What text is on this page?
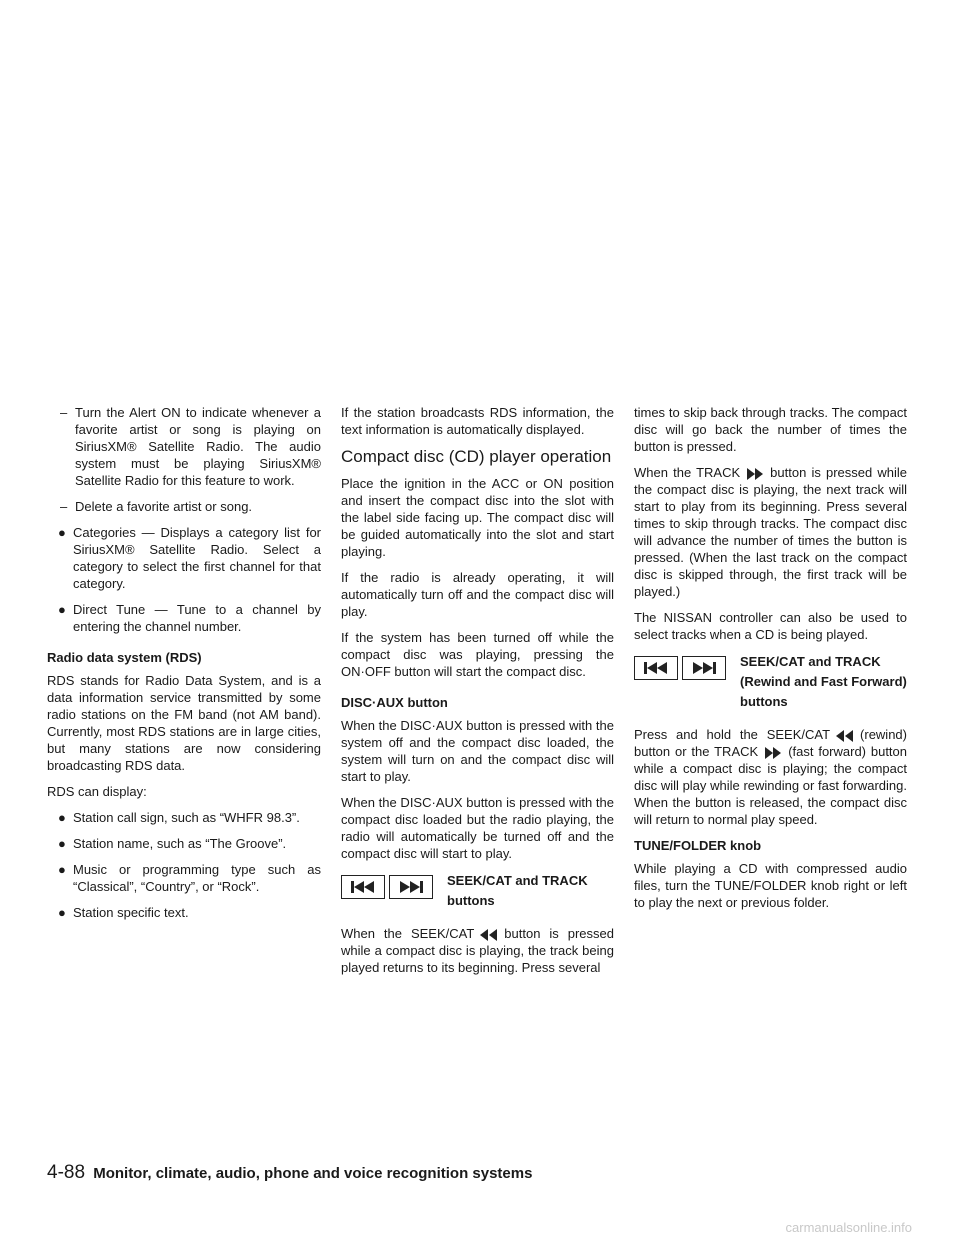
– Turn the Alert ON to indicate whenever a favorite artist or song is playing on SiriusXM® Satellite Radio. The audio system must be playing SiriusXM® Satellite Radio for this feature to work.
– Delete a favorite artist or song.
● Categories — Displays a category list for SiriusXM® Satellite Radio. Select a category to select the first channel for that category.
● Direct Tune — Tune to a channel by entering the channel number.
Radio data system (RDS)

RDS stands for Radio Data System, and is a data information service transmitted by some radio stations on the FM band (not AM band). Currently, most RDS stations are in large cities, but many stations are now considering broadcasting RDS data.

RDS can display:

● Station call sign, such as “WHFR 98.3”.
● Station name, such as “The Groove”.
● Music or programming type such as “Classical”, “Country”, or “Rock”.
● Station specific text.

If the station broadcasts RDS information, the text information is automatically displayed.

Compact disc (CD) player operation

Place the ignition in the ACC or ON position and insert the compact disc into the slot with the label side facing up. The compact disc will be guided automatically into the slot and start playing.

If the radio is already operating, it will automatically turn off and the compact disc will play.

If the system has been turned off while the compact disc was playing, pressing the ON·OFF button will start the compact disc.

DISC·AUX button

When the DISC·AUX button is pressed with the system off and the compact disc loaded, the system will turn on and the compact disc will start to play.

When the DISC·AUX button is pressed with the compact disc loaded but the radio playing, the radio will automatically be turned off and the compact disc will start to play.

SEEK/CAT and TRACK buttons

When the SEEK/CAT button is pressed while a compact disc is playing, the track being played returns to its beginning. Press several

times to skip back through tracks. The compact disc will go back the number of times the button is pressed.

When the TRACK button is pressed while the compact disc is playing, the next track will start to play from its beginning. Press several times to skip through tracks. The compact disc will advance the number of times the button is pressed. (When the last track on the compact disc is skipped through, the first track will be played.)

The NISSAN controller can also be used to select tracks when a CD is being played.

SEEK/CAT and TRACK (Rewind and Fast Forward) buttons

Press and hold the SEEK/CAT (rewind) button or the TRACK (fast forward) button while a compact disc is playing; the compact disc will play while rewinding or fast forwarding. When the button is released, the compact disc will return to normal play speed.

TUNE/FOLDER knob

While playing a CD with compressed audio files, turn the TUNE/FOLDER knob right or left to play the next or previous folder.

4-88 Monitor, climate, audio, phone and voice recognition systems
carmanualsonline.info
